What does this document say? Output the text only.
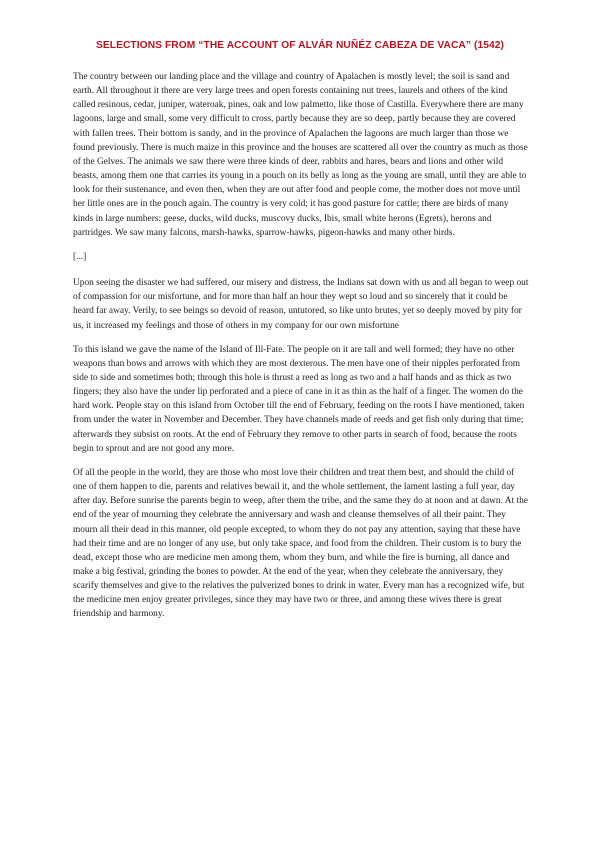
SELECTIONS FROM “THE ACCOUNT OF ALVÁR NUÑÉZ CABEZA DE VACA” (1542)

The country between our landing place and the village and country of Apalachen is mostly level; the soil is sand and earth. All throughout it there are very large trees and open forests containing nut trees, laurels and others of the kind called resinous, cedar, juniper, wateroak, pines, oak and low palmetto, like those of Castilla. Everywhere there are many lagoons, large and small, some very difficult to cross, partly because they are so deep, partly because they are covered with fallen trees. Their bottom is sandy, and in the province of Apalachen the lagoons are much larger than those we found previously. There is much maize in this province and the houses are scattered all over the country as much as those of the Gelves. The animals we saw there were three kinds of deer, rabbits and hares, bears and lions and other wild beasts, among them one that carries its young in a pouch on its belly as long as the young are small, until they are able to look for their sustenance, and even then, when they are out after food and people come, the mother does not move until her little ones are in the pouch again. The country is very cold; it has good pasture for cattle; there are birds of many kinds in large numbers: geese, ducks, wild ducks, muscovy ducks, Ibis, small white herons (Egrets), herons and partridges. We saw many falcons, marsh-hawks, sparrow-hawks, pigeon-hawks and many other birds.

[...]

Upon seeing the disaster we had suffered, our misery and distress, the Indians sat down with us and all began to weep out of compassion for our misfortune, and for more than half an hour they wept so loud and so sincerely that it could be heard far away. Verily, to see beings so devoid of reason, untutored, so like unto brutes, yet so deeply moved by pity for us, it increased my feelings and those of others in my company for our own misfortune

To this island we gave the name of the Island of Ill-Fate. The people on it are tall and well formed; they have no other weapons than bows and arrows with which they are most dexterous. The men have one of their nipples perforated from side to side and sometimes both; through this hole is thrust a reed as long as two and a half hands and as thick as two fingers; they also have the under lip perforated and a piece of cane in it as thin as the half of a finger. The women do the hard work. People stay on this island from October till the end of February, feeding on the roots I have mentioned, taken from under the water in November and December. They have channels made of reeds and get fish only during that time; afterwards they subsist on roots. At the end of February they remove to other parts in search of food, because the roots begin to sprout and are not good any more.

Of all the people in the world, they are those who most love their children and treat them best, and should the child of one of them happen to die, parents and relatives bewail it, and the whole settlement, the lament lasting a full year, day after day. Before sunrise the parents begin to weep, after them the tribe, and the same they do at noon and at dawn. At the end of the year of mourning they celebrate the anniversary and wash and cleanse themselves of all their paint. They mourn all their dead in this manner, old people excepted, to whom they do not pay any attention, saying that these have had their time and are no longer of any use, but only take space, and food from the children. Their custom is to bury the dead, except those who are medicine men among them, whom they burn, and while the fire is burning, all dance and make a big festival, grinding the bones to powder. At the end of the year, when they celebrate the anniversary, they scarify themselves and give to the relatives the pulverized bones to drink in water. Every man has a recognized wife, but the medicine men enjoy greater privileges, since they may have two or three, and among these wives there is great friendship and harmony.
